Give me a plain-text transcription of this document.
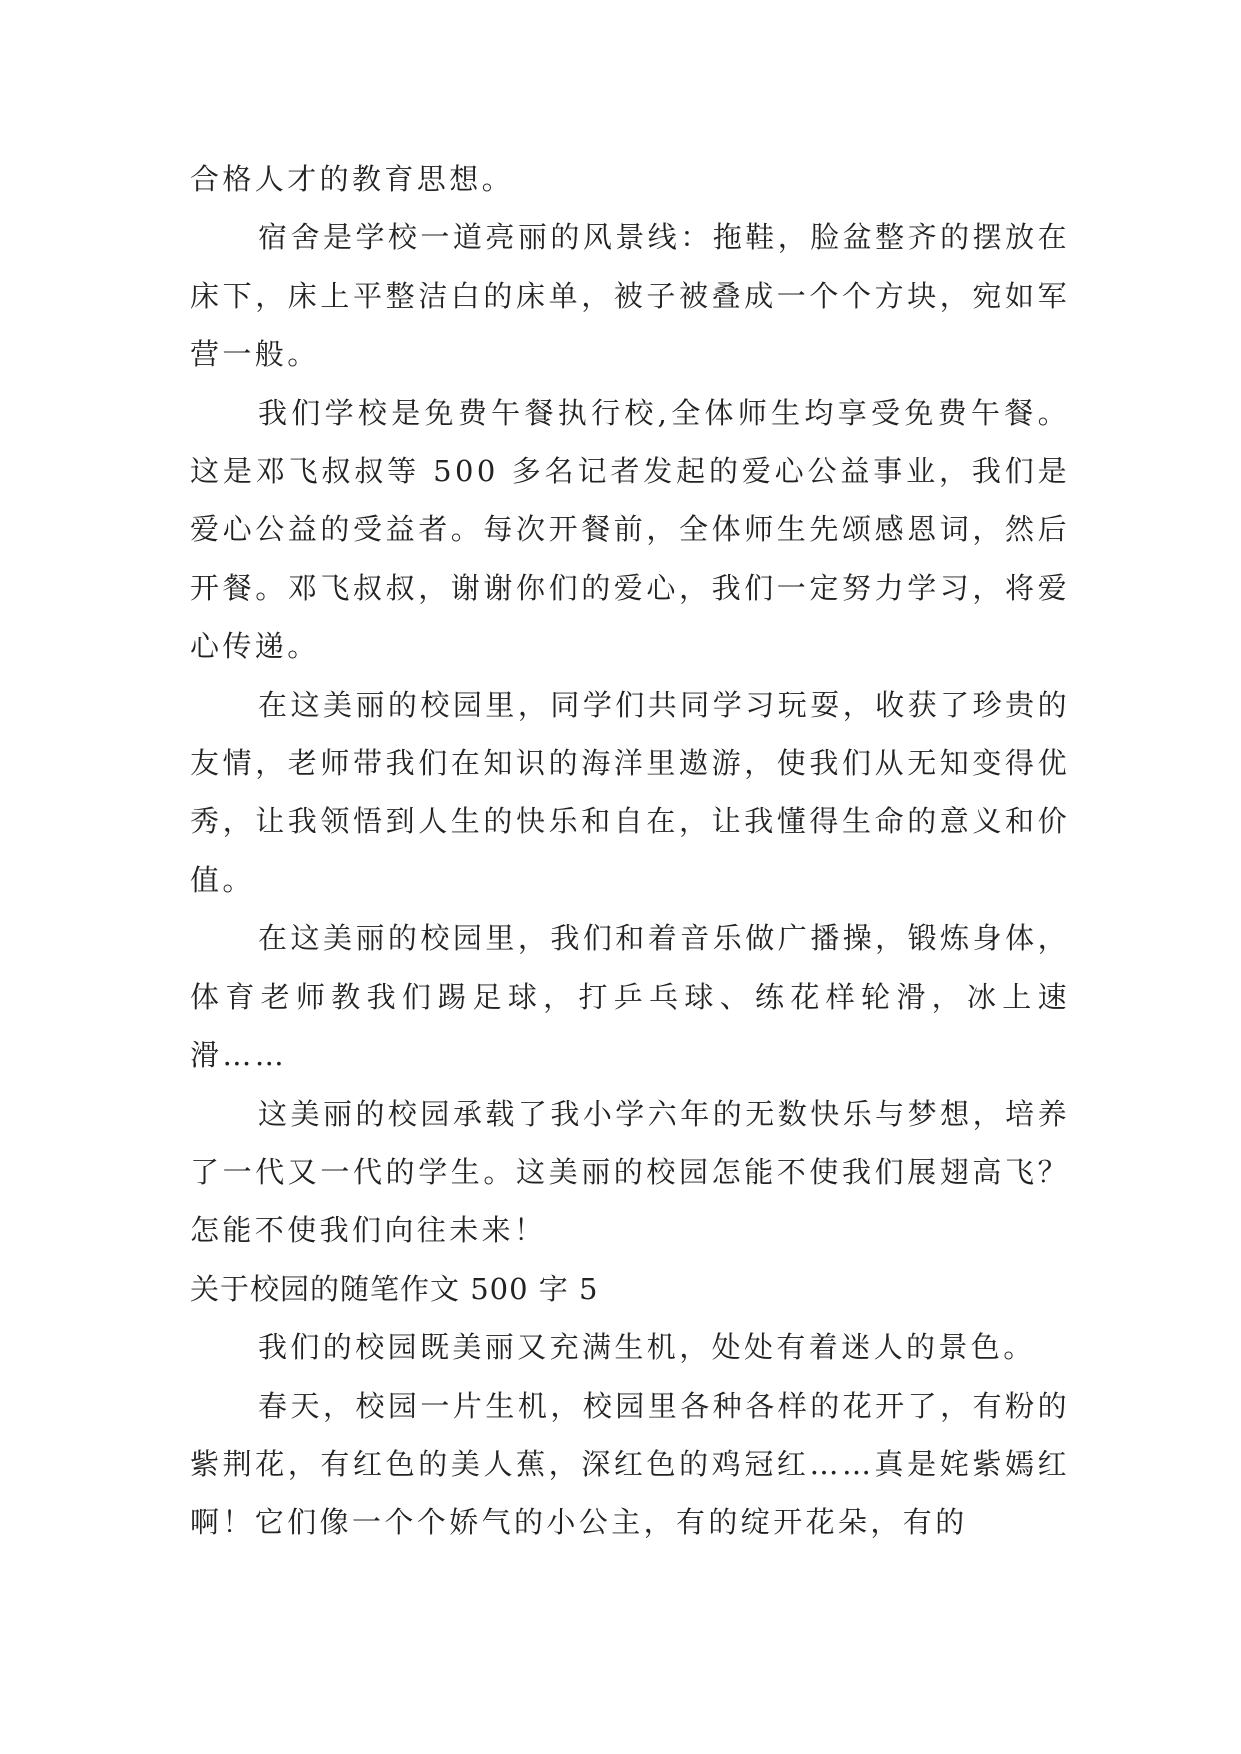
合格人才的教育思想。

宿舍是学校一道亮丽的风景线：拖鞋，脸盆整齐的摆放在床下，床上平整洁白的床单，被子被叠成一个个方块，宛如军营一般。

我们学校是免费午餐执行校,全体师生均享受免费午餐。这是邓飞叔叔等 500 多名记者发起的爱心公益事业，我们是爱心公益的受益者。每次开餐前，全体师生先颂感恩词，然后开餐。邓飞叔叔，谢谢你们的爱心，我们一定努力学习，将爱心传递。

在这美丽的校园里，同学们共同学习玩耍，收获了珍贵的友情，老师带我们在知识的海洋里遨游，使我们从无知变得优秀，让我领悟到人生的快乐和自在，让我懂得生命的意义和价值。

在这美丽的校园里，我们和着音乐做广播操，锻炼身体，体育老师教我们踢足球，打乒乓球、练花样轮滑，冰上速滑……

这美丽的校园承载了我小学六年的无数快乐与梦想，培养了一代又一代的学生。这美丽的校园怎能不使我们展翅高飞？怎能不使我们向往未来！

关于校园的随笔作文 500 字 5

我们的校园既美丽又充满生机，处处有着迷人的景色。

春天，校园一片生机，校园里各种各样的花开了，有粉的紫荆花，有红色的美人蕉，深红色的鸡冠红……真是姹紫嫣红啊！它们像一个个娇气的小公主，有的绽开花朵，有的
